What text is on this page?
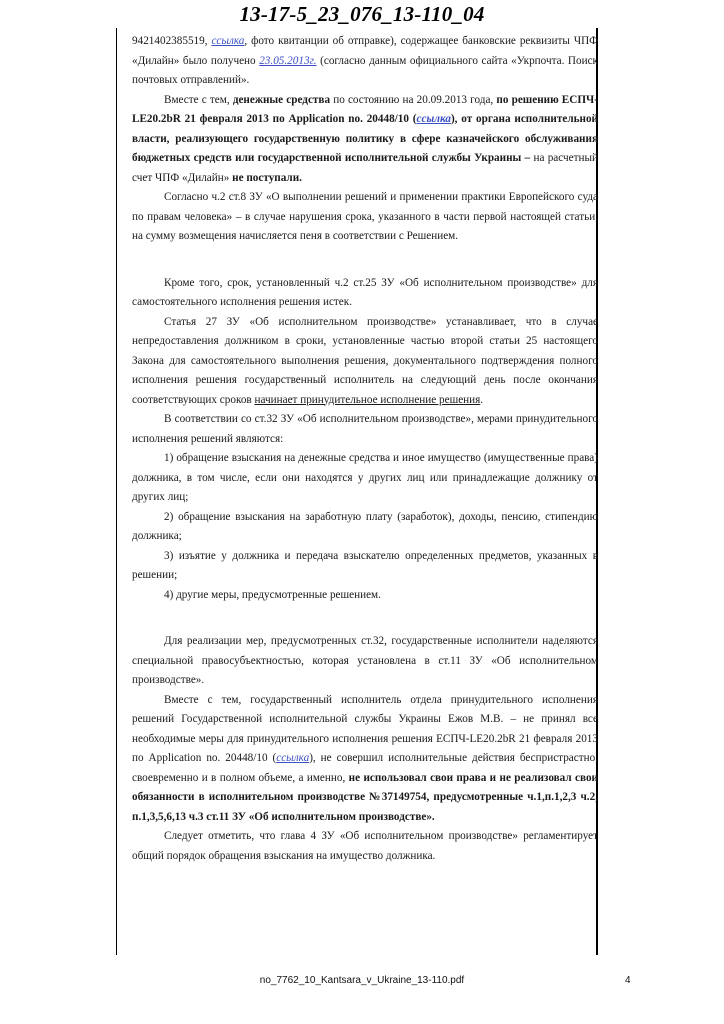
13-17-5_23_076_13-110_04

9421402385519, ссылка, фото квитанции об отправке), содержащее банковские реквизиты ЧПФ «Дилайн» было получено 23.05.2013г. (согласно данным официального сайта «Укрпочта. Поиск почтовых отправлений».

Вместе с тем, денежные средства по состоянию на 20.09.2013 года, по решению ЕСПЧ-LE20.2bR 21 февраля 2013 по Application no. 20448/10 (ссылка), от органа исполнительной власти, реализующего государственную политику в сфере казначейского обслуживания бюджетных средств или государственной исполнительной службы Украины – на расчетный счет ЧПФ «Дилайн» не поступали.

Согласно ч.2 ст.8 ЗУ «О выполнении решений и применении практики Европейского суда по правам человека» – в случае нарушения срока, указанного в части первой настоящей статьи, на сумму возмещения начисляется пеня в соответствии с Решением.

Кроме того, срок, установленный ч.2 ст.25 ЗУ «Об исполнительном производстве» для самостоятельного исполнения решения истек.

Статья 27 ЗУ «Об исполнительном производстве» устанавливает, что в случае непредоставления должником в сроки, установленные частью второй статьи 25 настоящего Закона для самостоятельного выполнения решения, документального подтверждения полного исполнения решения государственный исполнитель на следующий день после окончания соответствующих сроков начинает принудительное исполнение решения.

В соответствии со ст.32 ЗУ «Об исполнительном производстве», мерами принудительного исполнения решений являются:

1) обращение взыскания на денежные средства и иное имущество (имущественные права) должника, в том числе, если они находятся у других лиц или принадлежащие должнику от других лиц;

2) обращение взыскания на заработную плату (заработок), доходы, пенсию, стипендию должника;

3) изъятие у должника и передача взыскателю определенных предметов, указанных в решении;

4) другие меры, предусмотренные решением.

Для реализации мер, предусмотренных ст.32, государственные исполнители наделяются специальной правосубъектностью, которая установлена в ст.11 ЗУ «Об исполнительном производстве».

Вместе с тем, государственный исполнитель отдела принудительного исполнения решений Государственной исполнительной службы Украины Ежов М.В. – не принял все необходимые меры для принудительного исполнения решения ЕСПЧ-LE20.2bR 21 февраля 2013 по Application no. 20448/10 (ссылка), не совершил исполнительные действия беспристрастно, своевременно и в полном объеме, а именно, не использовал свои права и не реализовал свои обязанности в исполнительном производстве №37149754, предусмотренные ч.1,п.1,2,3 ч.2, п.1,3,5,6,13 ч.3 ст.11 ЗУ «Об исполнительном производстве».

Следует отметить, что глава 4 ЗУ «Об исполнительном производстве» регламентирует общий порядок обращения взыскания на имущество должника.

no_7762_10_Kantsara_v_Ukraine_13-110.pdf	4
